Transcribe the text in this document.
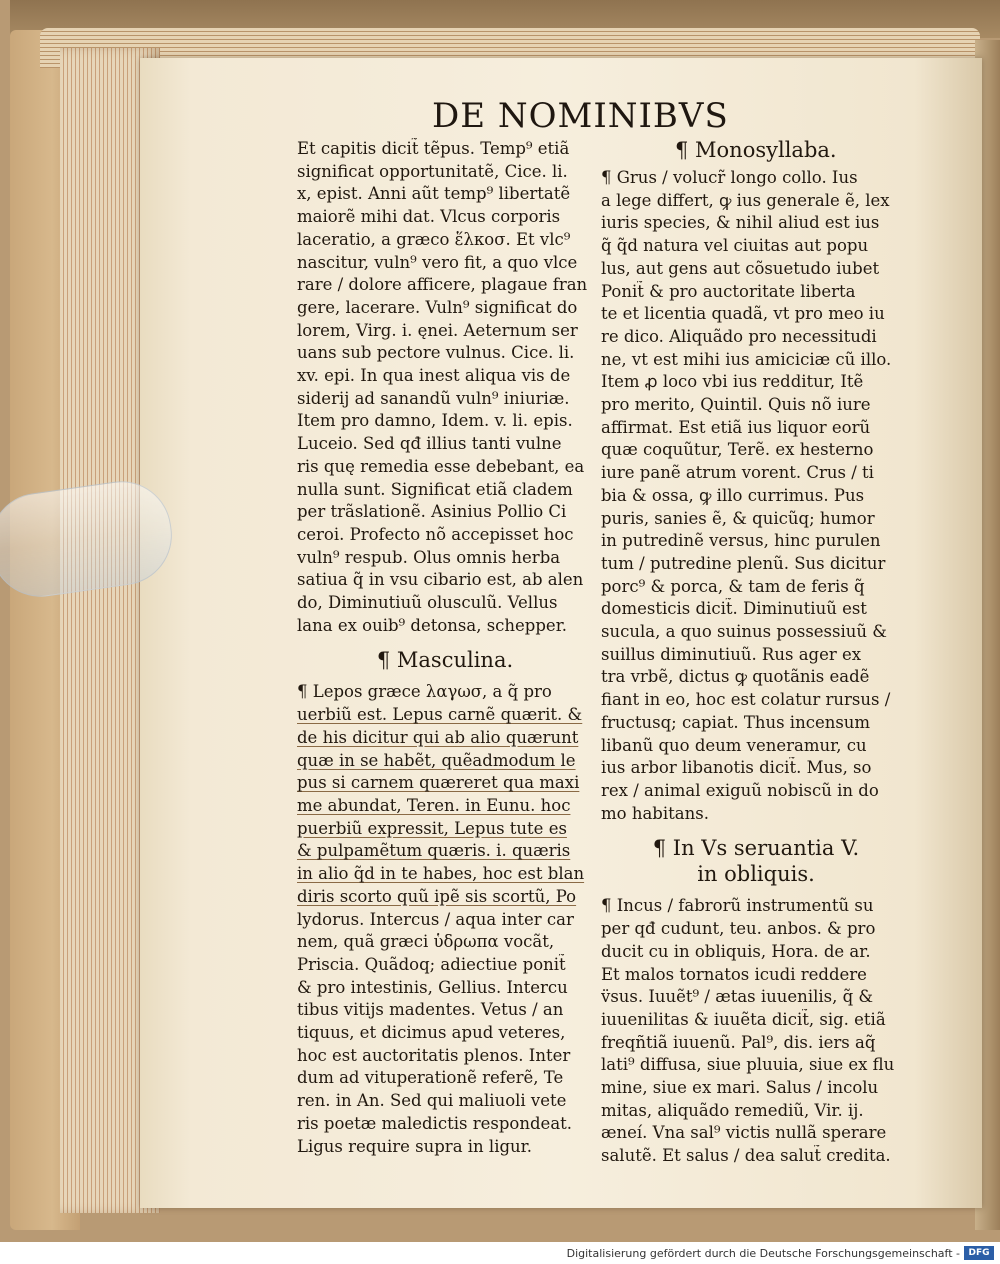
DE NOMINIBVS
¶ Monosyllaba.
Et capitis dicit̃ tẽpus. Temp⁹ etiã
significat opportunitatẽ, Cice. li.
x, epist. Anni aũt temp⁹ libertatẽ
maiorẽ mihi dat. Vlcus corporis
laceratio, a græco ἕλκοσ. Et vlc⁹
nascitur, vuln⁹ vero fit, a quo vlce
rare / dolore afficere, plagaue fran
gere, lacerare. Vuln⁹ significat do
lorem, Virg. i. ęnei. Aeternum ser
uans sub pectore vulnus. Cice. li.
xv. epi. In qua inest aliqua vis de
siderij ad sanandũ vuln⁹ iniuriæ.
Item pro damno, Idem. v. li. epis.
Luceio. Sed qđ illius tanti vulne
ris quę remedia esse debebant, ea
nulla sunt. Significat etiã cladem
per trãslationẽ. Asinius Pollio Ci
ceroi. Profecto nõ accepisset hoc
vuln⁹ respub. Olus omnis herba
satiua q̃ in vsu cibario est, ab alen
do, Diminutiuũ olusculũ. Vellus
lana ex ouib⁹ detonsa, schepper.
¶ Masculina.
¶ Lepos græce λαγωσ, a q̃ pro
uerbiũ est. Lepus carnẽ quærit. &
de his dicitur qui ab alio quærunt
quæ in se habẽt, quẽadmodum le
pus si carnem quæreret qua maxi
me abundat, Teren. in Eunu. hoc
puerbiũ expressit, Lepus tute es
& pulpamẽtum quæris. i. quæris
in alio q̃d in te habes, hoc est blan
diris scorto quũ ipẽ sis scortũ, Po
lydorus. Intercus / aqua inter car
nem, quã græci ὑδρωπα vocãt,
Priscia. Quãdoq; adiectiue ponit̃
& pro intestinis, Gellius. Intercu
tibus vitijs madentes. Vetus / an
tiquus, et dicimus apud veteres,
hoc est auctoritatis plenos. Inter
dum ad vituperationẽ referẽ, Te
ren. in An. Sed qui maliuoli vete
ris poetæ maledictis respondeat.
Ligus require supra in ligur.
¶ Grus / volucr̃ longo collo. Ius
a lege differt, ꝙ ius generale ẽ, lex
iuris species, & nihil aliud est ius
q̃ q̃d natura vel ciuitas aut popu
lus, aut gens aut cõsuetudo iubet
Ponit̃ & pro auctoritate liberta
te et licentia quadã, vt pro meo iu
re dico. Aliquãdo pro necessitudi
ne, vt est mihi ius amiciciæ cũ illo.
Item ꝓ loco vbi ius redditur, Itẽ
pro merito, Quintil. Quis nõ iure
affirmat. Est etiã ius liquor eorũ
quæ coquũtur, Terẽ. ex hesterno
iure panẽ atrum vorent. Crus / ti
bia & ossa, ꝙ illo currimus. Pus
puris, sanies ẽ, & quicũq; humor
in putredinẽ versus, hinc purulen
tum / putredine plenũ. Sus dicitur
porc⁹ & porca, & tam de feris q̃
domesticis dicit̃. Diminutiuũ est
sucula, a quo suinus possessiuũ &
suillus diminutiuũ. Rus ager ex
tra vrbẽ, dictus ꝙ quotãnis eadẽ
fiant in eo, hoc est colatur rursus /
fructusq; capiat. Thus incensum
libanũ quo deum veneramur, cu
ius arbor libanotis dicit̃. Mus, so
rex / animal exiguũ nobiscũ in do
mo habitans.
¶ In Vs seruantia V.
in obliquis.
¶ Incus / fabrorũ instrumentũ su
per qđ cudunt, teu. anbos. & pro
ducit cu in obliquis, Hora. de ar.
Et malos tornatos icudi reddere
v̈sus. Iuuẽt⁹ / ætas iuuenilis, q̃ &
iuuenilitas & iuuẽta dicit̃, sig. etiã
freqñtiã iuuenũ. Pal⁹, dis. iers aq̃
lati⁹ diffusa, siue pluuia, siue ex flu
mine, siue ex mari. Salus / incolu
mitas, aliquãdo remediũ, Vir. ij.
æneí. Vna sal⁹ victis nullã sperare
salutẽ. Et salus / dea salut̃ credita.
Digitalisierung gefördert durch die Deutsche Forschungsgemeinschaft - DFG
